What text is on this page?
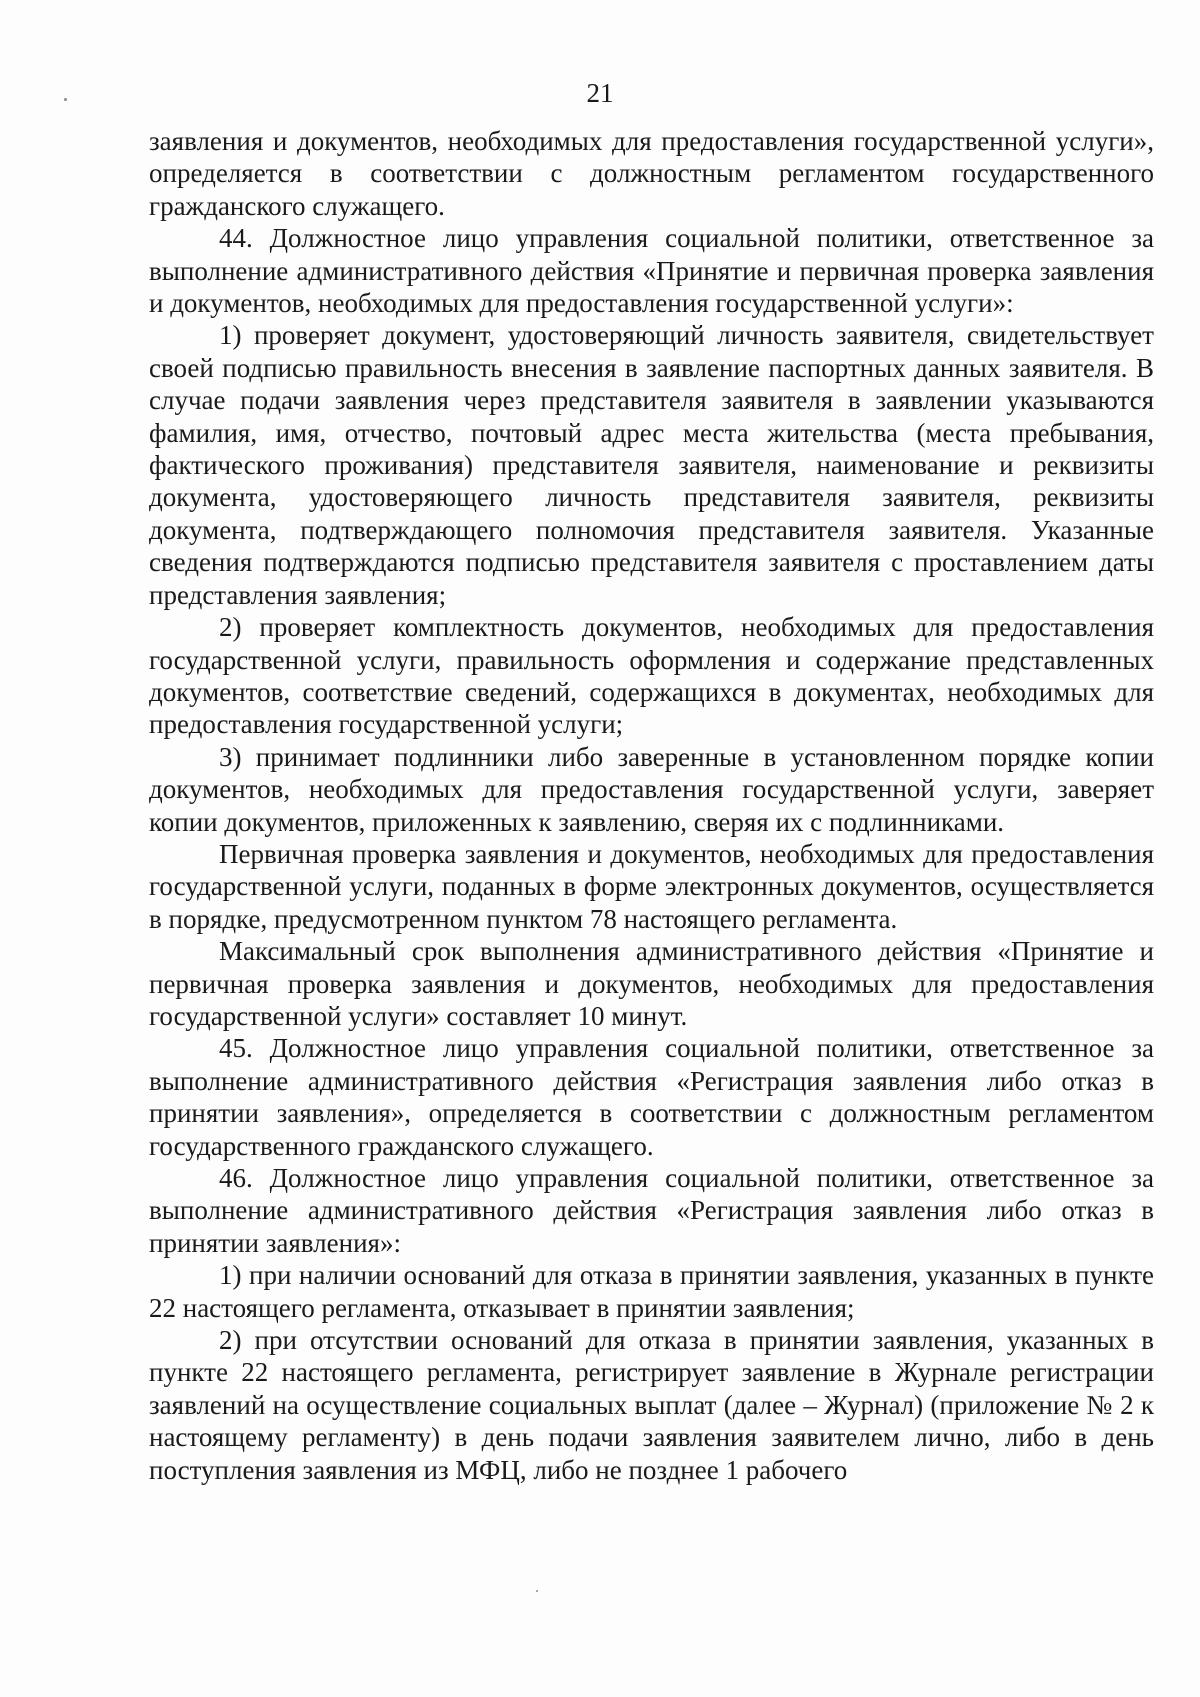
21

заявления и документов, необходимых для предоставления государственной услуги», определяется в соответствии с должностным регламентом государственного гражданского служащего.

44. Должностное лицо управления социальной политики, ответственное за выполнение административного действия «Принятие и первичная проверка заявления и документов, необходимых для предоставления государственной услуги»:

1) проверяет документ, удостоверяющий личность заявителя, свидетельствует своей подписью правильность внесения в заявление паспортных данных заявителя. В случае подачи заявления через представителя заявителя в заявлении указываются фамилия, имя, отчество, почтовый адрес места жительства (места пребывания, фактического проживания) представителя заявителя, наименование и реквизиты документа, удостоверяющего личность представителя заявителя, реквизиты документа, подтверждающего полномочия представителя заявителя. Указанные сведения подтверждаются подписью представителя заявителя с проставлением даты представления заявления;

2) проверяет комплектность документов, необходимых для предоставления государственной услуги, правильность оформления и содержание представленных документов, соответствие сведений, содержащихся в документах, необходимых для предоставления государственной услуги;

3) принимает подлинники либо заверенные в установленном порядке копии документов, необходимых для предоставления государственной услуги, заверяет копии документов, приложенных к заявлению, сверяя их с подлинниками.

Первичная проверка заявления и документов, необходимых для предоставления государственной услуги, поданных в форме электронных документов, осуществляется в порядке, предусмотренном пунктом 78 настоящего регламента.

Максимальный срок выполнения административного действия «Принятие и первичная проверка заявления и документов, необходимых для предоставления государственной услуги» составляет 10 минут.

45. Должностное лицо управления социальной политики, ответственное за выполнение административного действия «Регистрация заявления либо отказ в принятии заявления», определяется в соответствии с должностным регламентом государственного гражданского служащего.

46. Должностное лицо управления социальной политики, ответственное за выполнение административного действия «Регистрация заявления либо отказ в принятии заявления»:

1) при наличии оснований для отказа в принятии заявления, указанных в пункте 22 настоящего регламента, отказывает в принятии заявления;

2) при отсутствии оснований для отказа в принятии заявления, указанных в пункте 22 настоящего регламента, регистрирует заявление в Журнале регистрации заявлений на осуществление социальных выплат (далее – Журнал) (приложение № 2 к настоящему регламенту) в день подачи заявления заявителем лично, либо в день поступления заявления из МФЦ, либо не позднее 1 рабочего
